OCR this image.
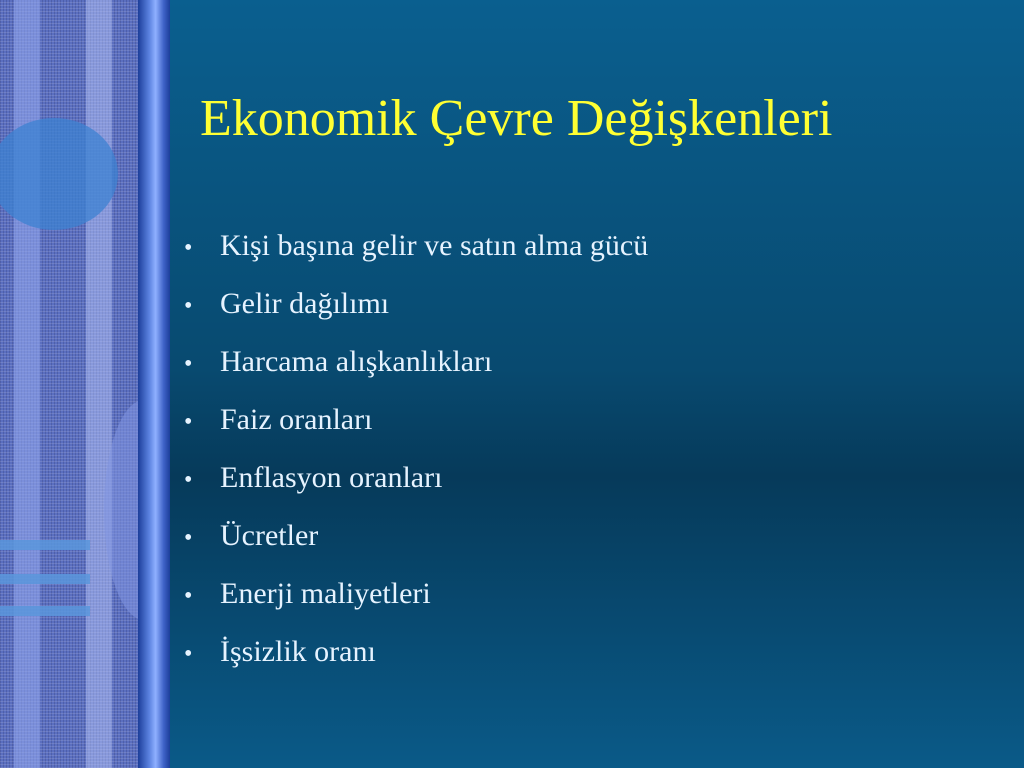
Ekonomik Çevre Değişkenleri
• Kişi başına gelir ve satın alma gücü
• Gelir dağılımı
• Harcama alışkanlıkları
• Faiz oranları
• Enflasyon oranları
• Ücretler
• Enerji maliyetleri
• İşsizlik oranı
